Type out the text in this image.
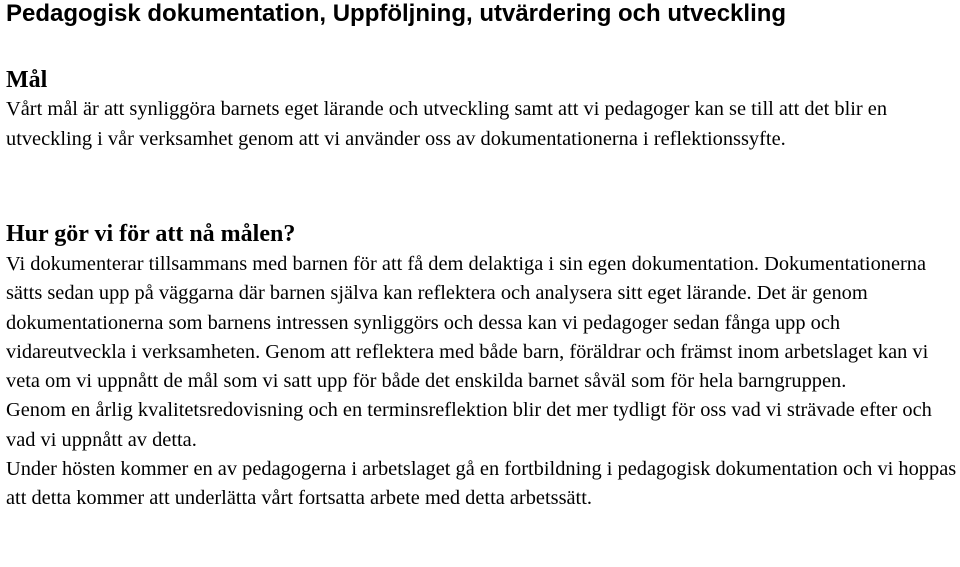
Pedagogisk dokumentation, Uppföljning, utvärdering och utveckling
Mål

Vårt mål är att synliggöra barnets eget lärande och utveckling samt att vi pedagoger kan se till att det blir en utveckling i vår verksamhet genom att vi använder oss av dokumentationerna i reflektionssyfte.

Hur gör vi för att nå målen?

Vi dokumenterar tillsammans med barnen för att få dem delaktiga i sin egen dokumentation. Dokumentationerna sätts sedan upp på väggarna där barnen själva kan reflektera och analysera sitt eget lärande. Det är genom dokumentationerna som barnens intressen synliggörs och dessa kan vi pedagoger sedan fånga upp och vidareutveckla i verksamheten. Genom att reflektera med både barn, föräldrar och främst inom arbetslaget kan vi veta om vi uppnått de mål som vi satt upp för både det enskilda barnet såväl som för hela barngruppen.

Genom en årlig kvalitetsredovisning och en terminsreflektion blir det mer tydligt för oss vad vi strävade efter och vad vi uppnått av detta.

Under hösten kommer en av pedagogerna i arbetslaget gå en fortbildning i pedagogisk dokumentation och vi hoppas att detta kommer att underlätta vårt fortsatta arbete med detta arbetssätt.
